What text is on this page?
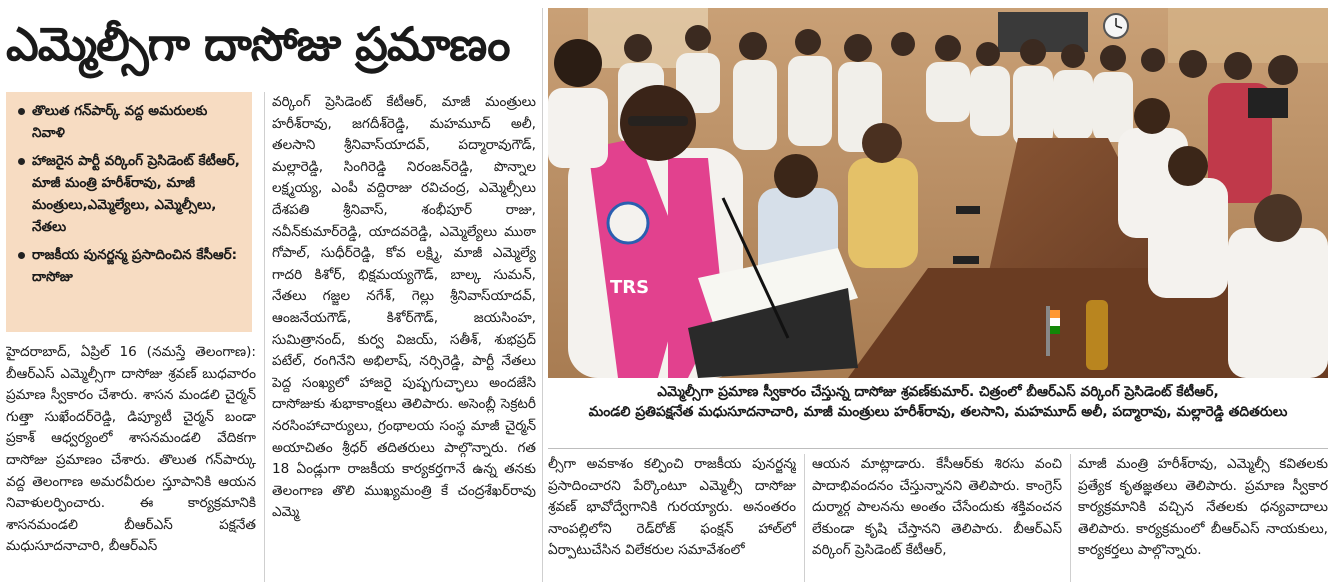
ఎమ్మెల్సీగా దాసోజు ప్రమాణం
తొలుత గన్‌పార్క్ వద్ద అమరులకు నివాళి
హాజరైన పార్టీ వర్కింగ్ ప్రెసిడెంట్ కేటీఆర్, మాజీ మంత్రి హరీశ్‌రావు, మాజీ మంత్రులు,ఎమ్మెల్యేలు, ఎమ్మెల్సీలు, నేతలు
రాజకీయ పునర్జన్మ ప్రసాదించిన కేసీఆర్: దాసోజు

హైదరాబాద్, ఏప్రిల్ 16 (నమస్తే తెలంగాణ): బీఆర్‌ఎస్ ఎమ్మెల్సీగా దాసోజు శ్రవణ్ బుధవారం ప్రమాణ స్వీకారం చేశారు. శాసన మండలి చైర్మన్ గుత్తా సుఖేందర్‌రెడ్డి, డిప్యూటీ చైర్మన్ బండా ప్రకాశ్ ఆధ్వర్యంలో శాసనమండలి వేదికగా దాసోజు ప్రమాణం చేశారు. తొలుత గన్‌పార్కు వద్ద తెలంగాణ అమరవీరుల స్తూపానికి ఆయన నివాళులర్పించారు. ఈ కార్యక్రమానికి శాసనమండలి బీఆర్‌ఎస్ పక్షనేత మధుసూదనాచారి, బీఆర్‌ఎస్

వర్కింగ్ ప్రెసిడెంట్ కేటీఆర్, మాజీ మంత్రులు హరీశ్‌రావు, జగదీశ్‌రెడ్డి, మహమూద్ అలీ, తలసాని శ్రీనివాస్‌యాదవ్, పద్మారావుగౌడ్, మల్లారెడ్డి, సింగిరెడ్డి నిరంజన్‌రెడ్డి, పొన్నాల లక్ష్మయ్య, ఎంపీ వద్దిరాజు రవిచంద్ర, ఎమ్మెల్సీలు దేశపతి శ్రీనివాస్, శంభీపూర్ రాజు, నవీన్‌కుమార్‌రెడ్డి, యాదవరెడ్డి, ఎమ్మెల్యేలు ముఠా గోపాల్, సుధీర్‌రెడ్డి, కోవ లక్ష్మి, మాజీ ఎమ్మెల్యే గాదరి కిశోర్, భిక్షమయ్యగౌడ్, బాల్క సుమన్, నేతలు గజ్జల నగేశ్, గెల్లు శ్రీనివాస్‌యాదవ్, ఆంజనేయగౌడ్, కిశోర్‌గౌడ్, జయసింహ, సుమిత్రానంద్, కుర్వ విజయ్, సతీశ్, శుభప్రద్ పటేల్, రంగినేని అభిలాష్, నర్సిరెడ్డి, పార్టీ నేతలు పెద్ద సంఖ్యలో హాజరై పుష్పగుచ్ఛాలు అందజేసి దాసోజుకు శుభాకాంక్షలు తెలిపారు. అసెంబ్లీ సెక్రటరీ నరసింహాచార్యులు, గ్రంథాలయ సంస్థ మాజీ చైర్మన్ అయాచితం శ్రీధర్ తదితరులు పాల్గొన్నారు. గత 18 ఏండ్లుగా రాజకీయ కార్యకర్తగానే ఉన్న తనకు తెలంగాణ తొలి ముఖ్యమంత్రి కే చంద్రశేఖర్‌రావు ఎమ్మె

TRS
ఎమ్మెల్సీగా ప్రమాణ స్వీకారం చేస్తున్న దాసోజు శ్రవణ్‌కుమార్. చిత్రంలో బీఆర్‌ఎస్ వర్కింగ్ ప్రెసిడెంట్ కేటీఆర్,
మండలి ప్రతిపక్షనేత మధుసూదనాచారి, మాజీ మంత్రులు హరీశ్‌రావు, తలసాని, మహమూద్ అలీ, పద్మారావు, మల్లారెడ్డి తదితరులు

ల్సీగా అవకాశం కల్పించి రాజకీయ పునర్జన్మ ప్రసాదించారని పేర్కొంటూ ఎమ్మెల్సీ దాసోజు శ్రవణ్ భావోద్వేగానికి గురయ్యారు. అనంతరం నాంపల్లిలోని రెడ్‌రోజ్ ఫంక్షన్ హాల్‌లో ఏర్పాటుచేసిన విలేకరుల సమావేశంలో

ఆయన మాట్లాడారు. కేసీఆర్‌కు శిరసు వంచి పాదాభివందనం చేస్తున్నానని తెలిపారు. కాంగ్రెస్ దుర్మార్గ పాలనను అంతం చేసేందుకు శక్తివంచన లేకుండా కృషి చేస్తానని తెలిపారు. బీఆర్‌ఎస్ వర్కింగ్ ప్రెసిడెంట్ కేటీఆర్,

మాజీ మంత్రి హరీశ్‌రావు, ఎమ్మెల్సీ కవితలకు ప్రత్యేక కృతజ్ఞతలు తెలిపారు. ప్రమాణ స్వీకార కార్యక్రమానికి వచ్చిన నేతలకు ధన్యవాదాలు తెలిపారు. కార్యక్రమంలో బీఆర్‌ఎస్ నాయకులు, కార్యకర్తలు పాల్గొన్నారు.
